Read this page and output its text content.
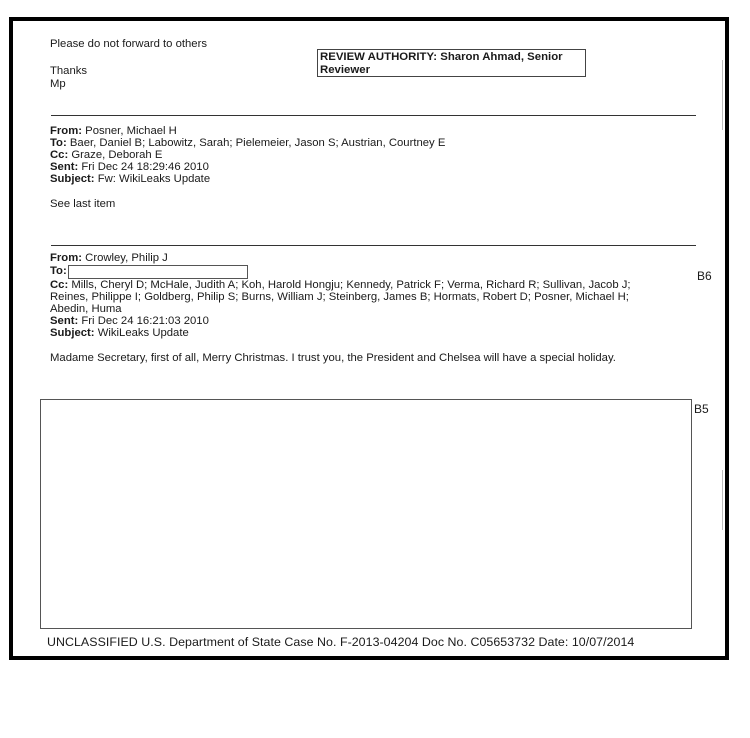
Please do not forward to others
Thanks
Mp
REVIEW AUTHORITY: Sharon Ahmad, Senior
Reviewer
From: Posner, Michael H
To: Baer, Daniel B; Labowitz, Sarah; Pielemeier, Jason S; Austrian, Courtney E
Cc: Graze, Deborah E
Sent: Fri Dec 24 18:29:46 2010
Subject: Fw: WikiLeaks Update
See last item
From: Crowley, Philip J
To:	B6
Cc: Mills, Cheryl D; McHale, Judith A; Koh, Harold Hongju; Kennedy, Patrick F; Verma, Richard R; Sullivan, Jacob J;
Reines, Philippe I; Goldberg, Philip S; Burns, William J; Steinberg, James B; Hormats, Robert D; Posner, Michael H;
Abedin, Huma
Sent: Fri Dec 24 16:21:03 2010
Subject: WikiLeaks Update
Madame Secretary, first of all, Merry Christmas. I trust you, the President and Chelsea will have a special holiday.
B5
UNCLASSIFIED U.S. Department of State Case No. F-2013-04204 Doc No. C05653732 Date: 10/07/2014
